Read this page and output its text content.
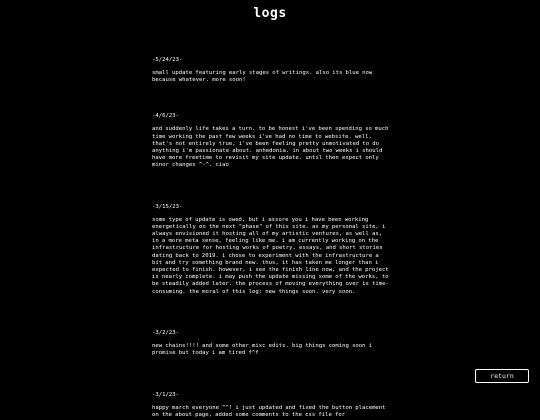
logs

-5/24/23-

small update featuring early stages of writings. also its blue now because whatever. more soon!

-4/6/23-

and suddenly life takes a turn. to be honest i've been spending so much time working the past few weeks i've had no time to website. well, that's not entirely true, i've been feeling pretty unmotivated to do anything i'm passionate about. anhedonia. in about two weeks i should have more freetime to revisit my site update. until then expect only minor changes ^-^. ciao

-3/15/23-

some type of update is owed, but i assure you i have been working energetically on the next "phase" of this site. as my personal site, i always envisioned it hosting all of my artistic ventures, as well as, in a more meta sense, feeling like me. i am currently working on the infrastructure for hosting works of poetry, essays, and short stories dating back to 2019. i chose to experiment with the infrastructure a bit and try something brand new. thus, it has taken me longer than i expected to finish. however, i see the finish line now, and the project is nearly complete. i may push the update missing some of the works, to be steadily added later. the process of moving everything over is time-consuming. the moral of this log: new things soon. very soon.

-3/2/23-

new chains!!!! and some other misc edits. big things coming soon i promise but today i am tired f^f

-3/1/23-

happy march everyone ^^! i just updated and fixed the button placement on the about page, added some comments to the css file for

return
